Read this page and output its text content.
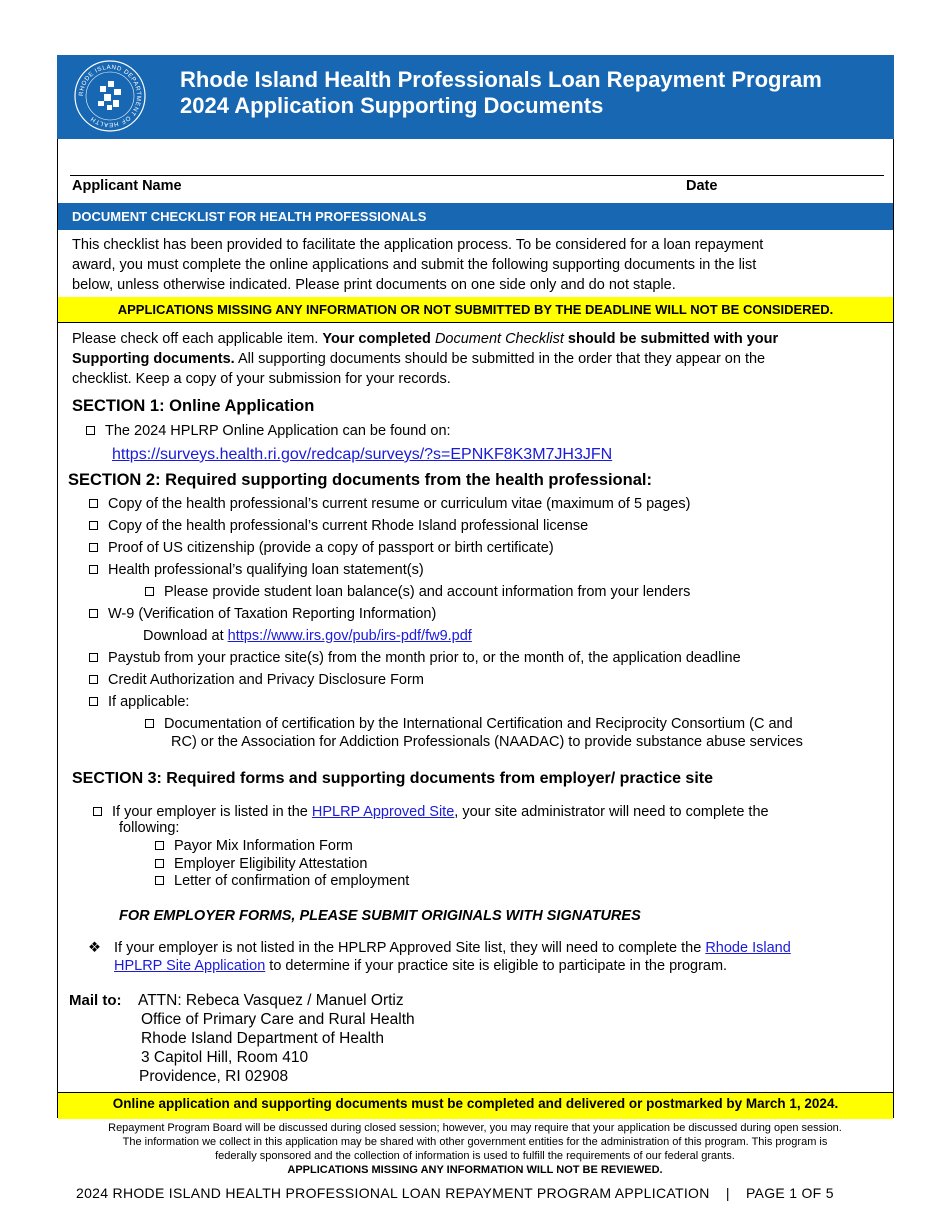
RHODE ISLAND DEPARTMENT OF HEALTH
Rhode Island Health Professionals Loan Repayment Program
2024 Application Supporting Documents
Applicant Name	Date
DOCUMENT CHECKLIST FOR HEALTH PROFESSIONALS
This checklist has been provided to facilitate the application process. To be considered for a loan repayment
award, you must complete the online applications and submit the following supporting documents in the list
below, unless otherwise indicated. Please print documents on one side only and do not staple.
APPLICATIONS MISSING ANY INFORMATION OR NOT SUBMITTED BY THE DEADLINE WILL NOT BE CONSIDERED.
Please check off each applicable item. Your completed Document Checklist should be submitted with your
Supporting documents. All supporting documents should be submitted in the order that they appear on the
checklist. Keep a copy of your submission for your records.
SECTION 1: Online Application
The 2024 HPLRP Online Application can be found on:
https://surveys.health.ri.gov/redcap/surveys/?s=EPNKF8K3M7JH3JFN
SECTION 2: Required supporting documents from the health professional:
Copy of the health professional’s current resume or curriculum vitae (maximum of 5 pages)
Copy of the health professional’s current Rhode Island professional license
Proof of US citizenship (provide a copy of passport or birth certificate)
Health professional’s qualifying loan statement(s)
Please provide student loan balance(s) and account information from your lenders
W-9 (Verification of Taxation Reporting Information)
Download at https://www.irs.gov/pub/irs-pdf/fw9.pdf
Paystub from your practice site(s) from the month prior to, or the month of, the application deadline
Credit Authorization and Privacy Disclosure Form
If applicable:
Documentation of certification by the International Certification and Reciprocity Consortium (C and
RC) or the Association for Addiction Professionals (NAADAC) to provide substance abuse services
SECTION 3: Required forms and supporting documents from employer/ practice site
If your employer is listed in the HPLRP Approved Site, your site administrator will need to complete the
following:
Payor Mix Information Form
Employer Eligibility Attestation
Letter of confirmation of employment
FOR EMPLOYER FORMS, PLEASE SUBMIT ORIGINALS WITH SIGNATURES
❖ If your employer is not listed in the HPLRP Approved Site list, they will need to complete the Rhode Island
HPLRP Site Application to determine if your practice site is eligible to participate in the program.
Mail to: ATTN: Rebeca Vasquez / Manuel Ortiz
Office of Primary Care and Rural Health
Rhode Island Department of Health
3 Capitol Hill, Room 410
Providence, RI 02908
Online application and supporting documents must be completed and delivered or postmarked by March 1, 2024.
Repayment Program Board will be discussed during closed session; however, you may require that your application be discussed during open session.
The information we collect in this application may be shared with other government entities for the administration of this program. This program is
federally sponsored and the collection of information is used to fulfill the requirements of our federal grants.
APPLICATIONS MISSING ANY INFORMATION WILL NOT BE REVIEWED.
2024 RHODE ISLAND HEALTH PROFESSIONAL LOAN REPAYMENT PROGRAM APPLICATION | PAGE 1 OF 5
